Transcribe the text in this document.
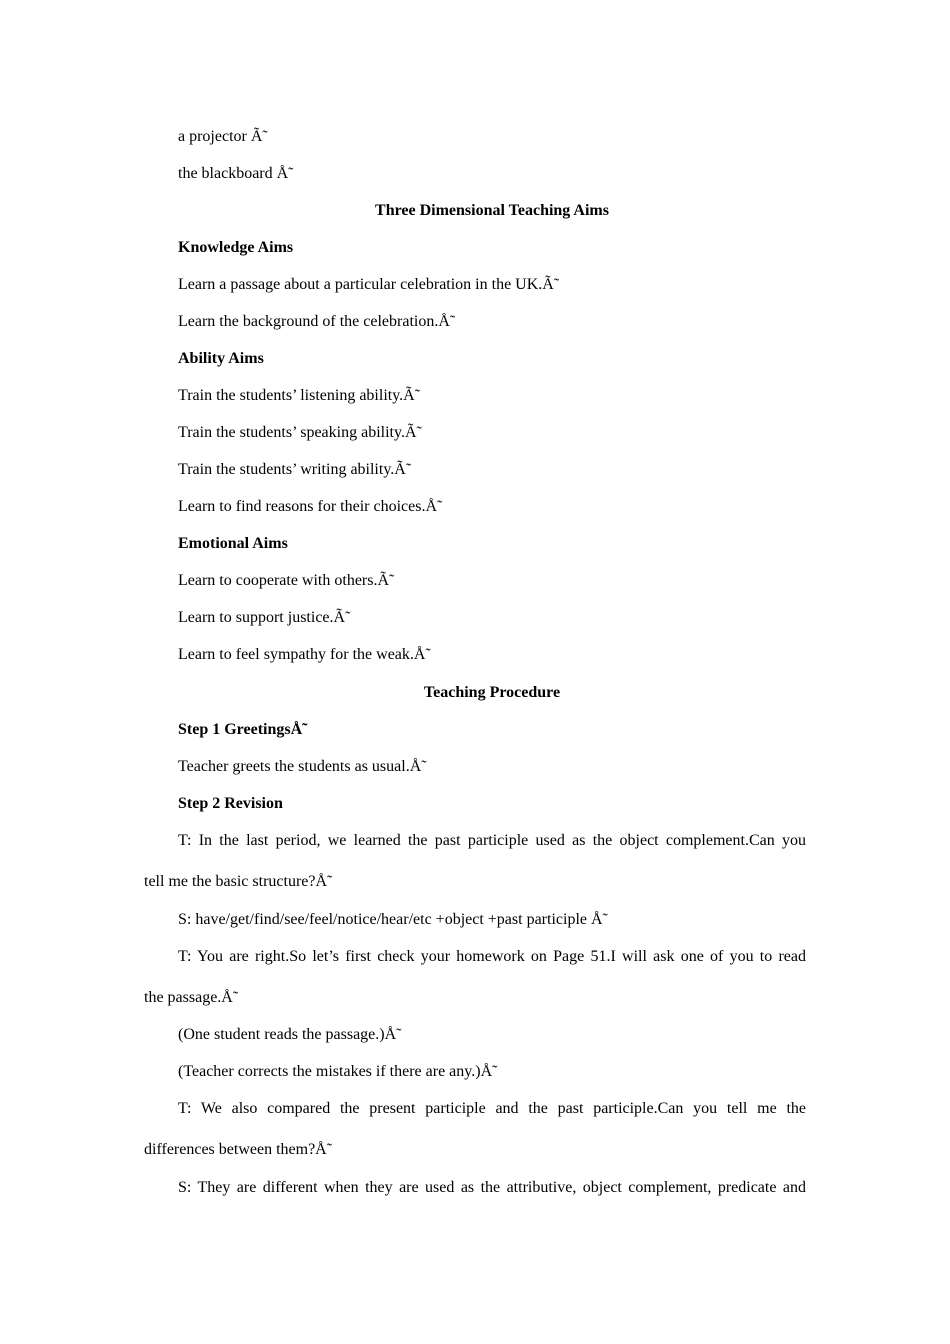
a projector Ã̃
the blackboard Å̃
Three Dimensional Teaching Aims
Knowledge Aims
Learn a passage about a particular celebration in the UK.Ã̃
Learn the background of the celebration.Å̃
Ability Aims
Train the students’ listening ability.Ã̃
Train the students’ speaking ability.Ã̃
Train the students’ writing ability.Ã̃
Learn to find reasons for their choices.Å̃
Emotional Aims
Learn to cooperate with others.Ã̃
Learn to support justice.Ã̃
Learn to feel sympathy for the weak.Å̃
Teaching Procedure
Step 1 GreetingsÅ̃
Teacher greets the students as usual.Å̃
Step 2 Revision
T: In the last period, we learned the past participle used as the object complement.Can you
tell me the basic structure?Å̃
S: have/get/find/see/feel/notice/hear/etc +object +past participle Å̃
T: You are right.So let’s first check your homework on Page 51.I will ask one of you to read
the passage.Å̃
(One student reads the passage.)Å̃
(Teacher corrects the mistakes if there are any.)Å̃
T: We also compared the present participle and the past participle.Can you tell me the
differences between them?Å̃
S: They are different when they are used as the attributive, object complement, predicate and
